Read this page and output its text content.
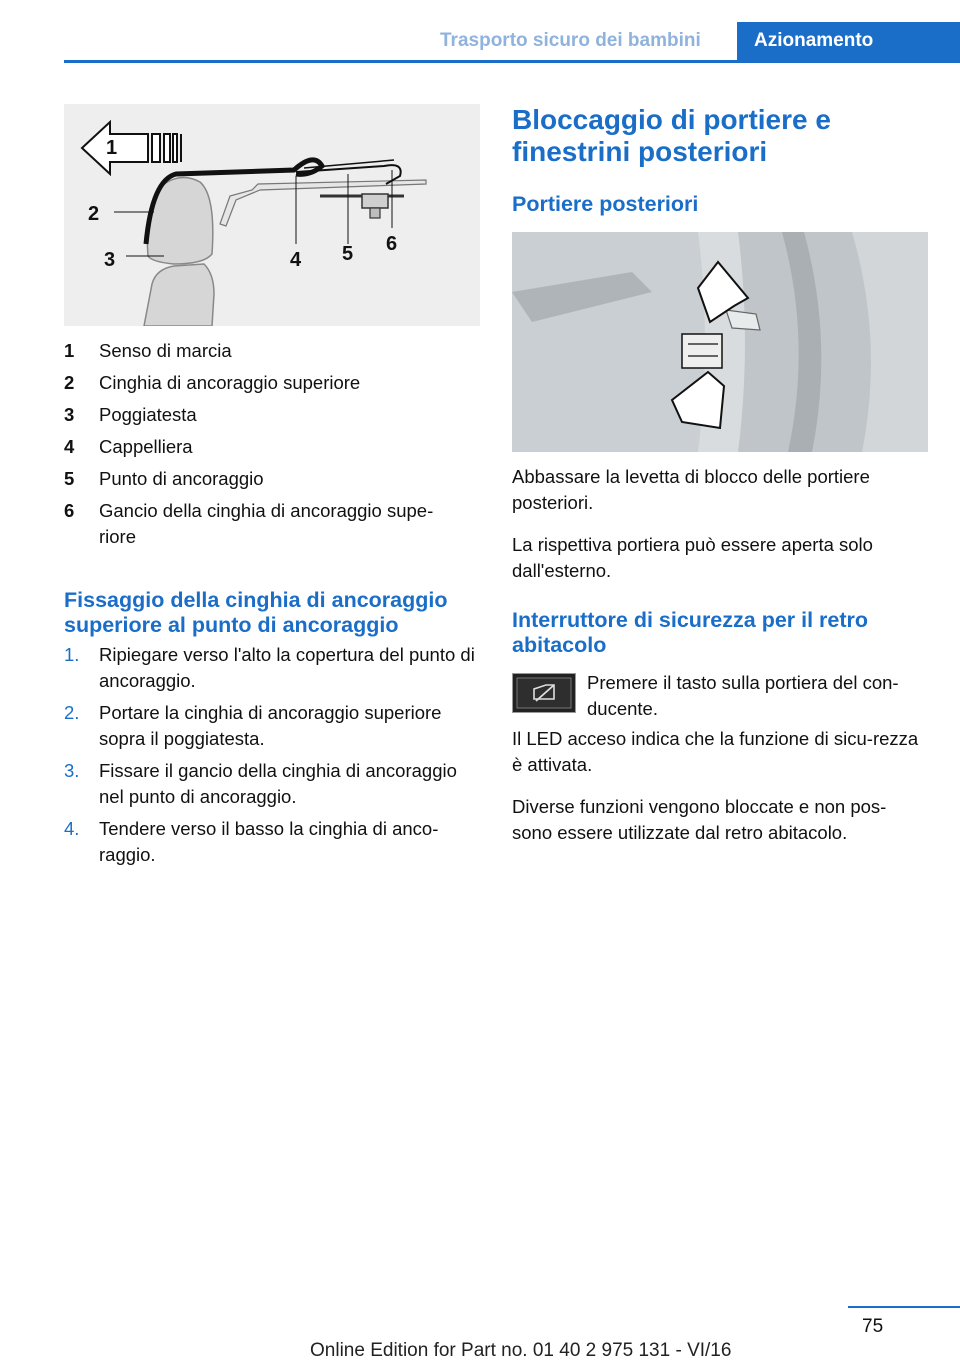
Trasporto sicuro dei bambini	Azionamento
1
2
3	4 5 6
1	Senso di marcia
2	Cinghia di ancoraggio superiore
3	Poggiatesta
4	Cappelliera
5	Punto di ancoraggio
6	Gancio della cinghia di ancoraggio supe-riore
Fissaggio della cinghia di ancoraggio superiore al punto di ancoraggio
1.	Ripiegare verso l'alto la copertura del punto di ancoraggio.
2.	Portare la cinghia di ancoraggio superiore sopra il poggiatesta.
3.	Fissare il gancio della cinghia di ancoraggio nel punto di ancoraggio.
4.	Tendere verso il basso la cinghia di anco-raggio.
Bloccaggio di portiere e finestrini posteriori
Portiere posteriori
Abbassare la levetta di blocco delle portiere posteriori.
La rispettiva portiera può essere aperta solo dall'esterno.
Interruttore di sicurezza per il retro abitacolo
Premere il tasto sulla portiera del con-ducente.
Il LED acceso indica che la funzione di sicu-rezza è attivata.
Diverse funzioni vengono bloccate e non pos-sono essere utilizzate dal retro abitacolo.
75
Online Edition for Part no. 01 40 2 975 131 - VI/16
